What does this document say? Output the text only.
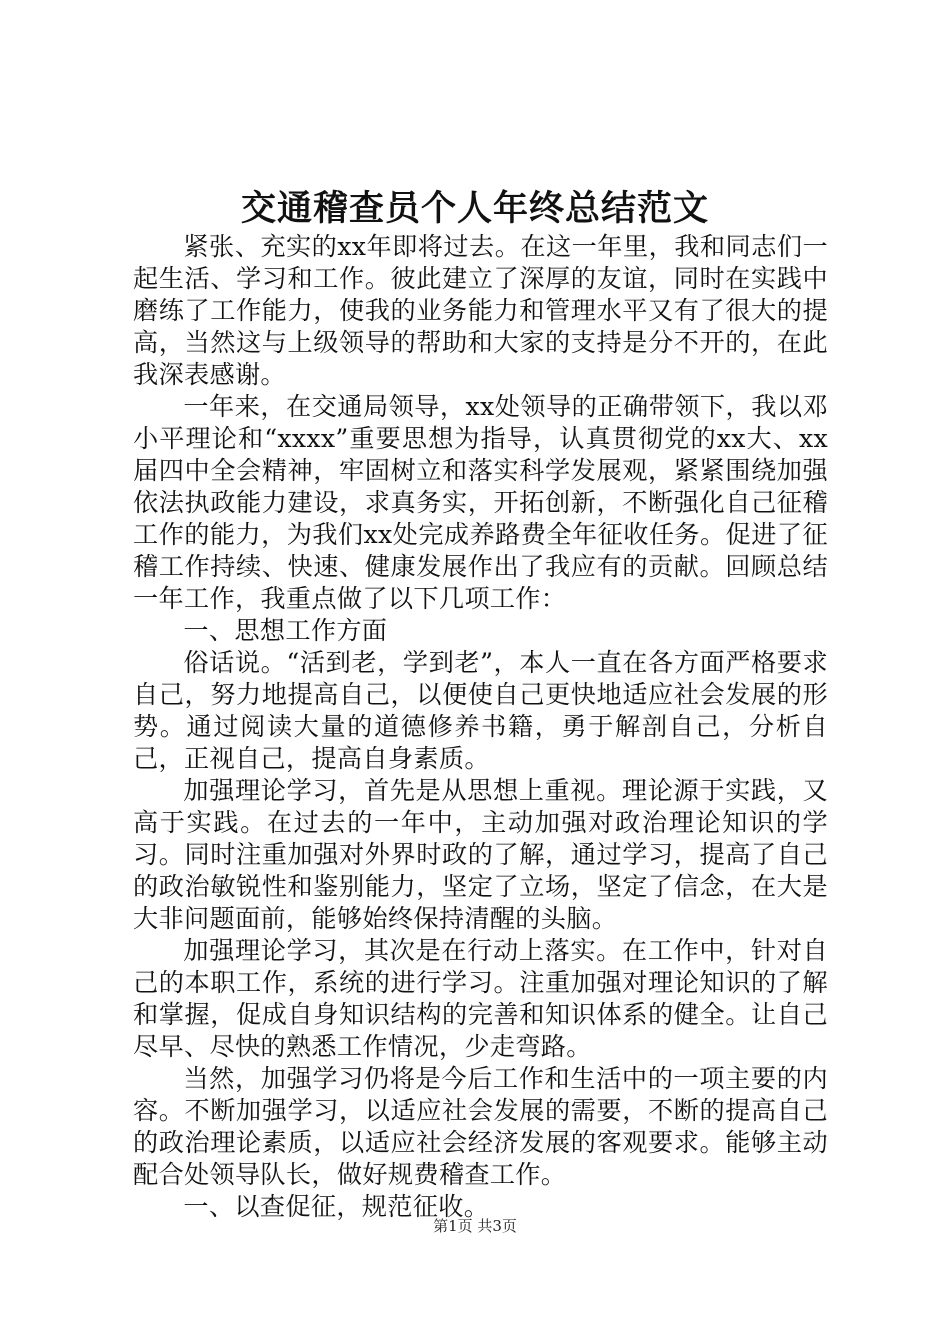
交通稽查员个人年终总结范文

紧张、充实的xx年即将过去。在这一年里，我和同志们一起生活、学习和工作。彼此建立了深厚的友谊，同时在实践中磨练了工作能力，使我的业务能力和管理水平又有了很大的提高，当然这与上级领导的帮助和大家的支持是分不开的，在此我深表感谢。

一年来，在交通局领导，xx处领导的正确带领下，我以邓小平理论和“xxxx”重要思想为指导，认真贯彻党的xx大、xx届四中全会精神，牢固树立和落实科学发展观，紧紧围绕加强依法执政能力建设，求真务实，开拓创新，不断强化自己征稽工作的能力，为我们xx处完成养路费全年征收任务。促进了征稽工作持续、快速、健康发展作出了我应有的贡献。回顾总结一年工作，我重点做了以下几项工作：

一、思想工作方面

俗话说。“活到老，学到老”，本人一直在各方面严格要求自己，努力地提高自己，以便使自己更快地适应社会发展的形势。通过阅读大量的道德修养书籍，勇于解剖自己，分析自己，正视自己，提高自身素质。

加强理论学习，首先是从思想上重视。理论源于实践，又高于实践。在过去的一年中，主动加强对政治理论知识的学习。同时注重加强对外界时政的了解，通过学习，提高了自己的政治敏锐性和鉴别能力，坚定了立场，坚定了信念，在大是大非问题面前，能够始终保持清醒的头脑。

加强理论学习，其次是在行动上落实。在工作中，针对自己的本职工作，系统的进行学习。注重加强对理论知识的了解和掌握，促成自身知识结构的完善和知识体系的健全。让自己尽早、尽快的熟悉工作情况，少走弯路。

当然，加强学习仍将是今后工作和生活中的一项主要的内容。不断加强学习，以适应社会发展的需要，不断的提高自己的政治理论素质，以适应社会经济发展的客观要求。能够主动配合处领导队长，做好规费稽查工作。

一、以查促征，规范征收。

第1页 共3页
